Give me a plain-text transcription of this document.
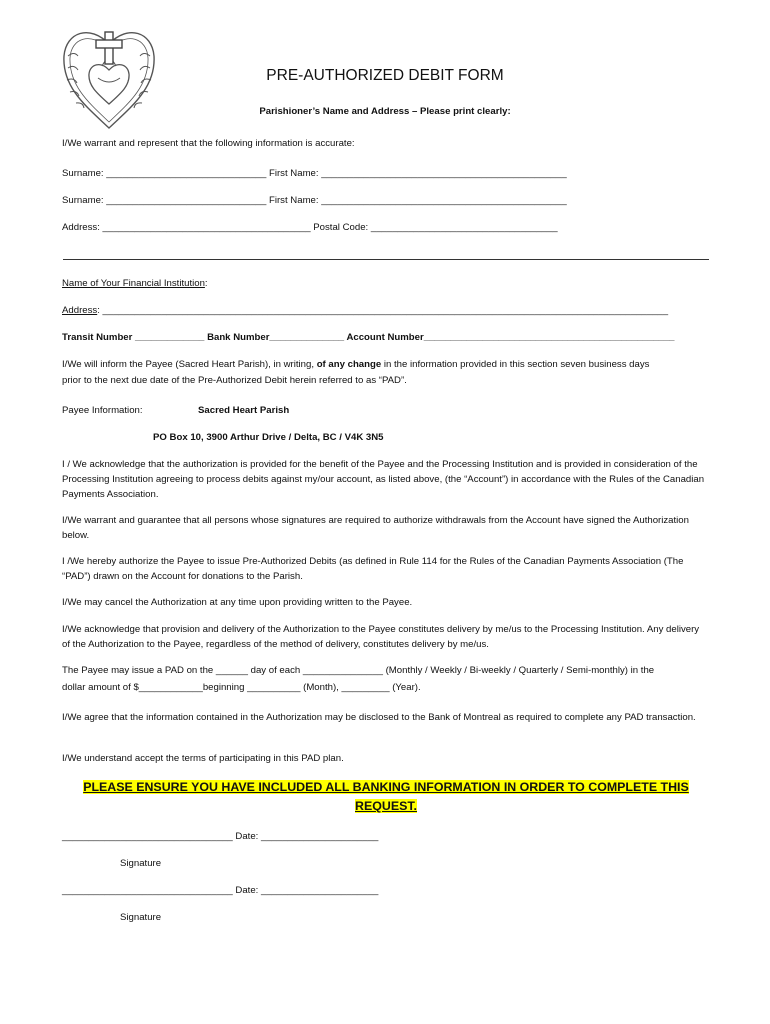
PRE-AUTHORIZED DEBIT FORM
Parishioner’s Name and Address – Please print clearly:
I/We warrant and represent that the following information is accurate:
Surname: ______________________________ First Name: ______________________________________________
Surname: ______________________________ First Name: ______________________________________________
Address: _______________________________________ Postal Code: ___________________________________
Name of Your Financial Institution:
Address: __________________________________________________________________________________________________________
Transit Number _____________ Bank Number______________ Account Number_______________________________________________
I/We will inform the Payee (Sacred Heart Parish), in writing, of any change in the information provided in this section seven business days
prior to the next due date of the Pre-Authorized Debit herein referred to as “PAD”.
Payee Information:	Sacred Heart Parish
PO Box 10, 3900 Arthur Drive / Delta, BC / V4K 3N5
I / We acknowledge that the authorization is provided for the benefit of the Payee and the Processing Institution and is provided in consideration of the Processing Institution agreeing to process debits against my/our account, as listed above, (the “Account”) in accordance with the Rules of the Canadian Payments Association.
I/We warrant and guarantee that all persons whose signatures are required to authorize withdrawals from the Account have signed the Authorization below.
I /We hereby authorize the Payee to issue Pre-Authorized Debits (as defined in Rule 114 for the Rules of the Canadian Payments Association (The “PAD”) drawn on the Account for donations to the Parish.
I/We may cancel the Authorization at any time upon providing written to the Payee.
I/We acknowledge that provision and delivery of the Authorization to the Payee constitutes delivery by me/us to the Processing Institution. Any delivery of the Authorization to the Payee, regardless of the method of delivery, constitutes delivery by me/us.
The Payee may issue a PAD on the ______ day of each _______________ (Monthly / Weekly / Bi-weekly / Quarterly / Semi-monthly) in the
dollar amount of $____________beginning __________ (Month), _________ (Year).
I/We agree that the information contained in the Authorization may be disclosed to the Bank of Montreal as required to complete any PAD transaction.
I/We understand accept the terms of participating in this PAD plan.
PLEASE ENSURE YOU HAVE INCLUDED ALL BANKING INFORMATION IN ORDER TO COMPLETE THIS
REQUEST.
________________________________ Date: ______________________
Signature
________________________________ Date: ______________________
Signature
